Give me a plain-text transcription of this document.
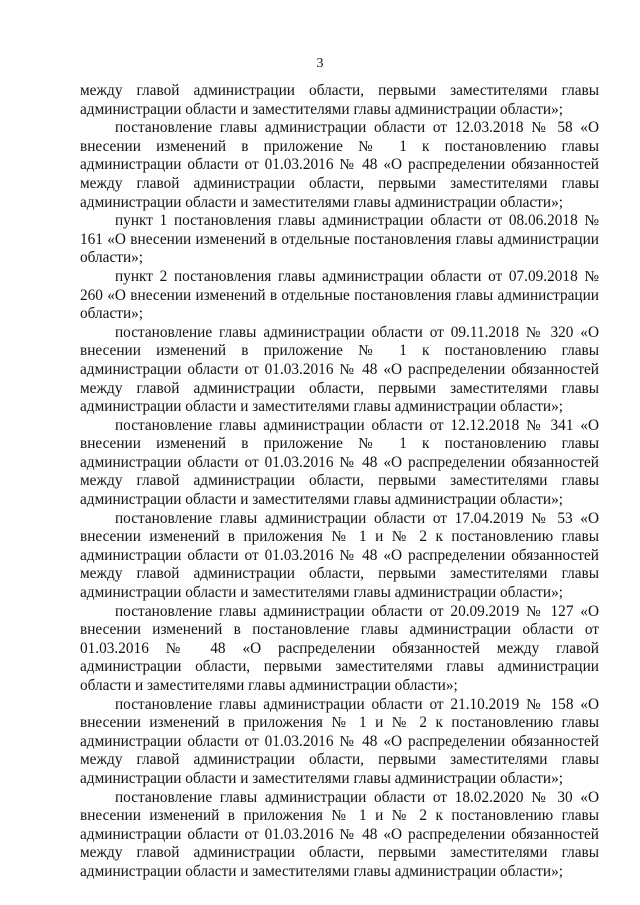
3

между главой администрации области, первыми заместителями главы администрации области и заместителями главы администрации области»;

постановление главы администрации области от 12.03.2018 № 58 «О внесении изменений в приложение № 1 к постановлению главы администрации области от 01.03.2016 № 48 «О распределении обязанностей между главой администрации области, первыми заместителями главы администрации области и заместителями главы администрации области»;

пункт 1 постановления главы администрации области от 08.06.2018 № 161 «О внесении изменений в отдельные постановления главы администрации области»;

пункт 2 постановления главы администрации области от 07.09.2018 № 260 «О внесении изменений в отдельные постановления главы администрации области»;

постановление главы администрации области от 09.11.2018 № 320 «О внесении изменений в приложение № 1 к постановлению главы администрации области от 01.03.2016 № 48 «О распределении обязанностей между главой администрации области, первыми заместителями главы администрации области и заместителями главы администрации области»;

постановление главы администрации области от 12.12.2018 № 341 «О внесении изменений в приложение № 1 к постановлению главы администрации области от 01.03.2016 № 48 «О распределении обязанностей между главой администрации области, первыми заместителями главы администрации области и заместителями главы администрации области»;

постановление главы администрации области от 17.04.2019 № 53 «О внесении изменений в приложения № 1 и № 2 к постановлению главы администрации области от 01.03.2016 № 48 «О распределении обязанностей между главой администрации области, первыми заместителями главы администрации области и заместителями главы администрации области»;

постановление главы администрации области от 20.09.2019 № 127 «О внесении изменений в постановление главы администрации области от 01.03.2016 № 48 «О распределении обязанностей между главой администрации области, первыми заместителями главы администрации области и заместителями главы администрации области»;

постановление главы администрации области от 21.10.2019 № 158 «О внесении изменений в приложения № 1 и № 2 к постановлению главы администрации области от 01.03.2016 № 48 «О распределении обязанностей между главой администрации области, первыми заместителями главы администрации области и заместителями главы администрации области»;

постановление главы администрации области от 18.02.2020 № 30 «О внесении изменений в приложения № 1 и № 2 к постановлению главы администрации области от 01.03.2016 № 48 «О распределении обязанностей между главой администрации области, первыми заместителями главы администрации области и заместителями главы администрации области»;
